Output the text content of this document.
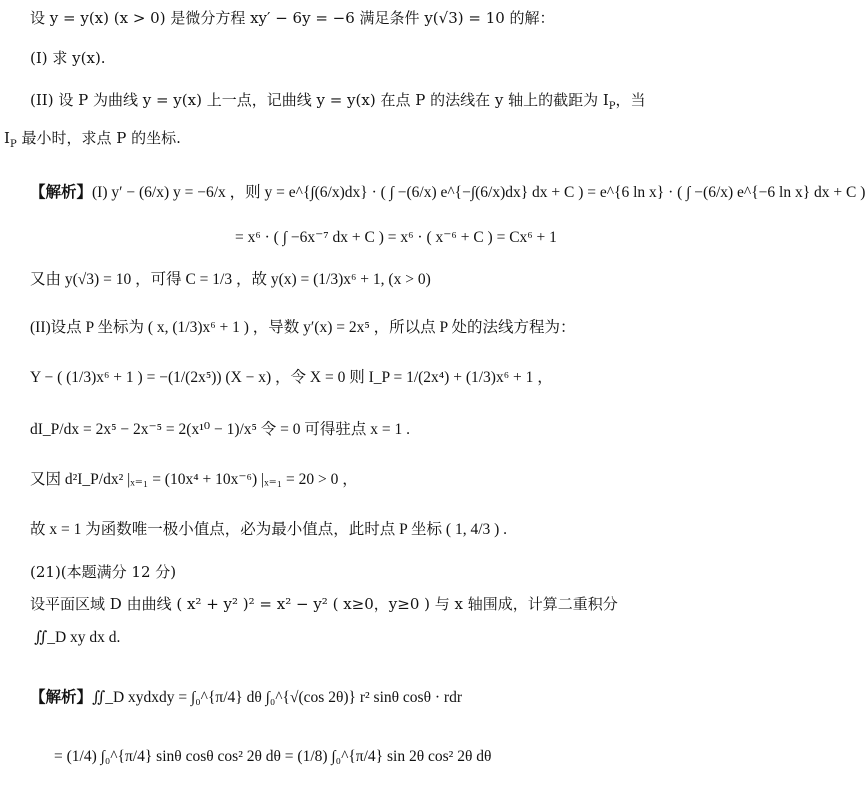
设 y = y(x) (x > 0) 是微分方程 xy′ − 6y = −6 满足条件 y(√3) = 10 的解：
(I) 求 y(x).
(II) 设 P 为曲线 y = y(x) 上一点，记曲线 y = y(x) 在点 P 的法线在 y 轴上的截距为 $I_P$，当
$I_P$ 最小时，求点 P 的坐标.
【解析】(I) y′ − (6/x) y = −6/x ，则 y = e^{∫(6/x)dx} · ( ∫ −(6/x) e^{−∫(6/x)dx} dx + C ) = e^{6 ln x} · ( ∫ −(6/x) e^{−6 ln x} dx + C )
= x⁶ · ( ∫ −6x⁻⁷ dx + C ) = x⁶ · ( x⁻⁶ + C ) = Cx⁶ + 1
又由 y(√3) = 10 ，可得 C = 1/3 ，故 y(x) = (1/3)x⁶ + 1, (x > 0)
(II)设点 P 坐标为 ( x, (1/3)x⁶ + 1 ) ，导数 y′(x) = 2x⁵ ，所以点 P 处的法线方程为：
Y − ( (1/3)x⁶ + 1 ) = −(1/(2x⁵)) (X − x) ，令 X = 0 则 I_P = 1/(2x⁴) + (1/3)x⁶ + 1 ，
dI_P/dx = 2x⁵ − 2x⁻⁵ = 2(x¹⁰ − 1)/x⁵ 令 = 0 可得驻点 x = 1 .
又因 d²I_P/dx² |ₓ₌₁ = (10x⁴ + 10x⁻⁶) |ₓ₌₁ = 20 > 0 ，
故 x = 1 为函数唯一极小值点，必为最小值点，此时点 P 坐标 ( 1, 4/3 ) .
(21)(本题满分 12 分)
设平面区域 D 由曲线 ( x² + y² )² = x² − y² ( x≥0，y≥0 ) 与 x 轴围成，计算二重积分
∬_D xy dx d.
【解析】∬_D xydxdy = ∫₀^{π/4} dθ ∫₀^{√(cos 2θ)} r² sinθ cosθ · rdr
= (1/4) ∫₀^{π/4} sinθ cosθ cos² 2θ dθ = (1/8) ∫₀^{π/4} sin 2θ cos² 2θ dθ
